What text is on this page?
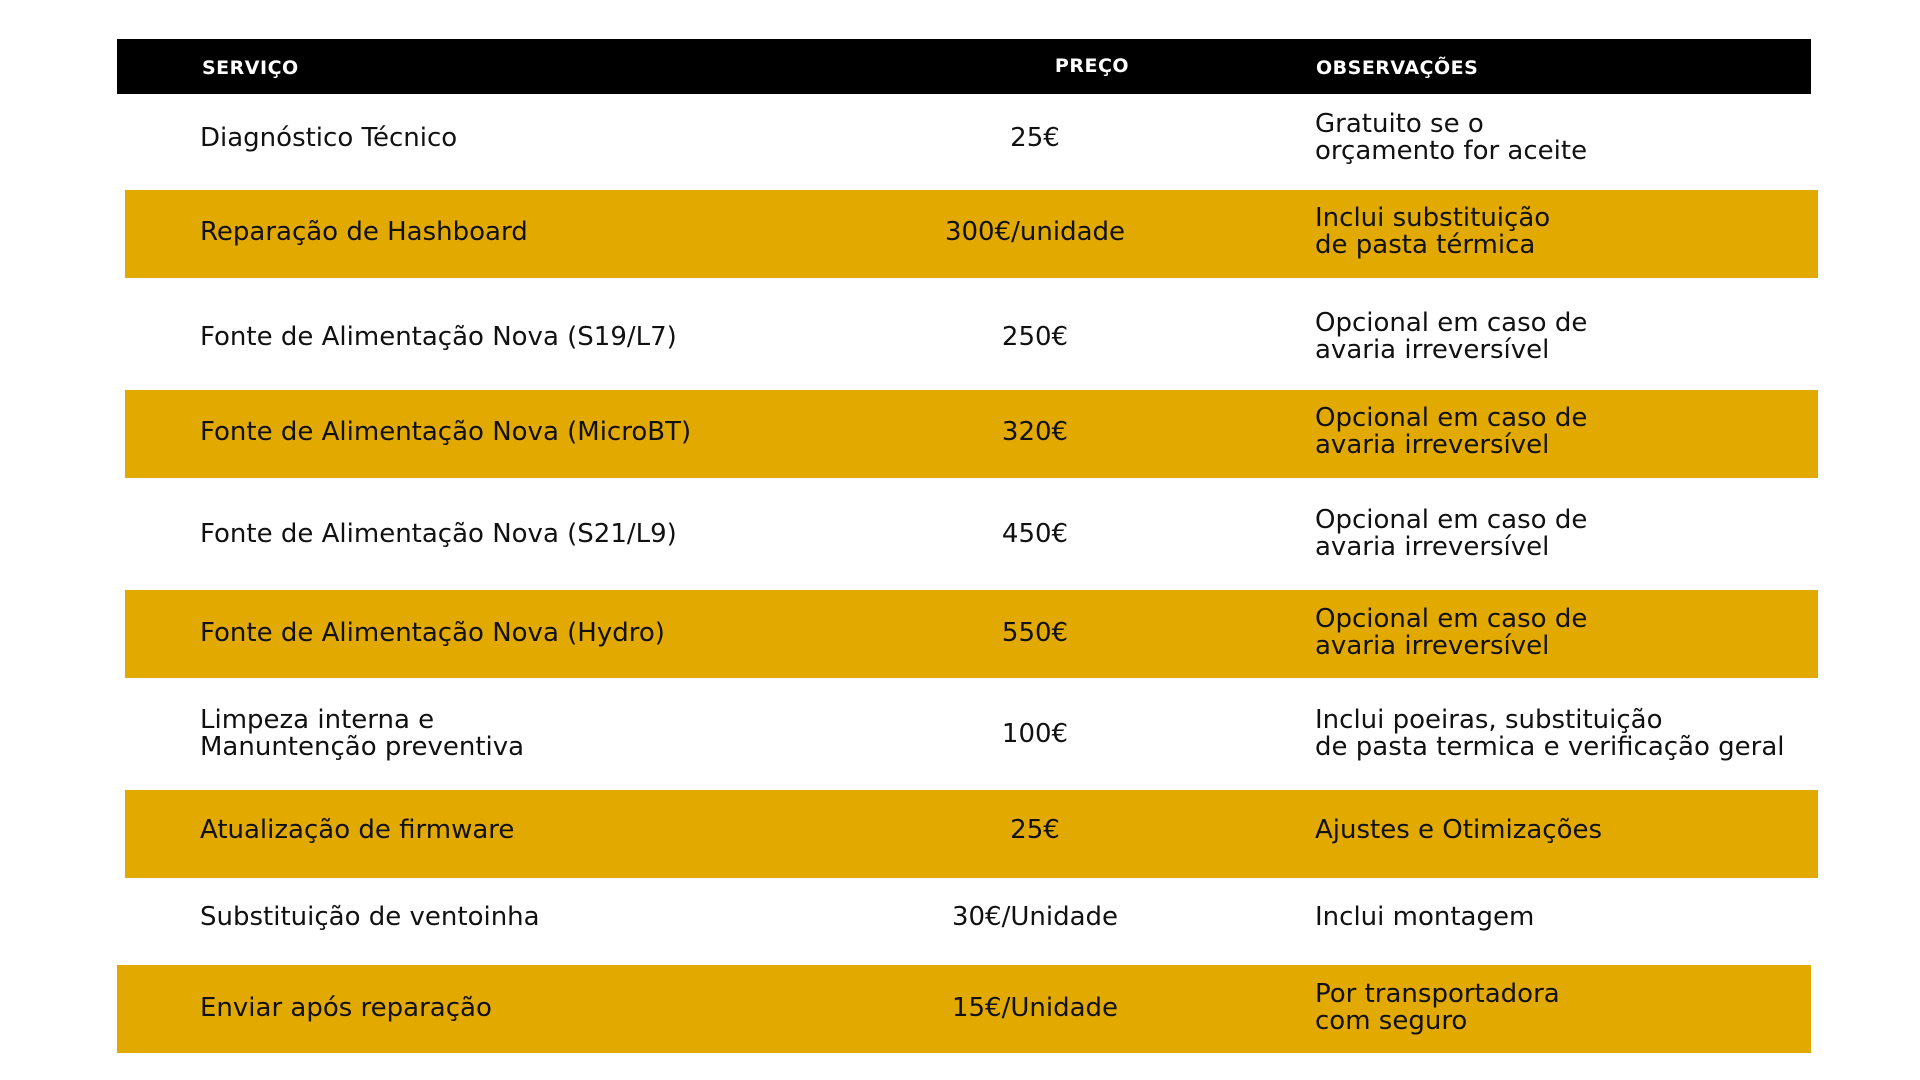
SERVIÇO	PREÇO	OBSERVAÇÕES
Diagnóstico Técnico	25€	Gratuito se o
orçamento for aceite
Reparação de Hashboard	300€/unidade	Inclui substituição
de pasta térmica
Fonte de Alimentação Nova (S19/L7)	250€	Opcional em caso de
avaria irreversível
Fonte de Alimentação Nova (MicroBT)	320€	Opcional em caso de
avaria irreversível
Fonte de Alimentação Nova (S21/L9)	450€	Opcional em caso de
avaria irreversível
Fonte de Alimentação Nova (Hydro)	550€	Opcional em caso de
avaria irreversível
Limpeza interna e
Manuntenção preventiva	100€	Inclui poeiras, substituição
de pasta termica e verificação geral
Atualização de firmware	25€	Ajustes e Otimizações
Substituição de ventoinha	30€/Unidade	Inclui montagem
Enviar após reparação	15€/Unidade	Por transportadora
com seguro
